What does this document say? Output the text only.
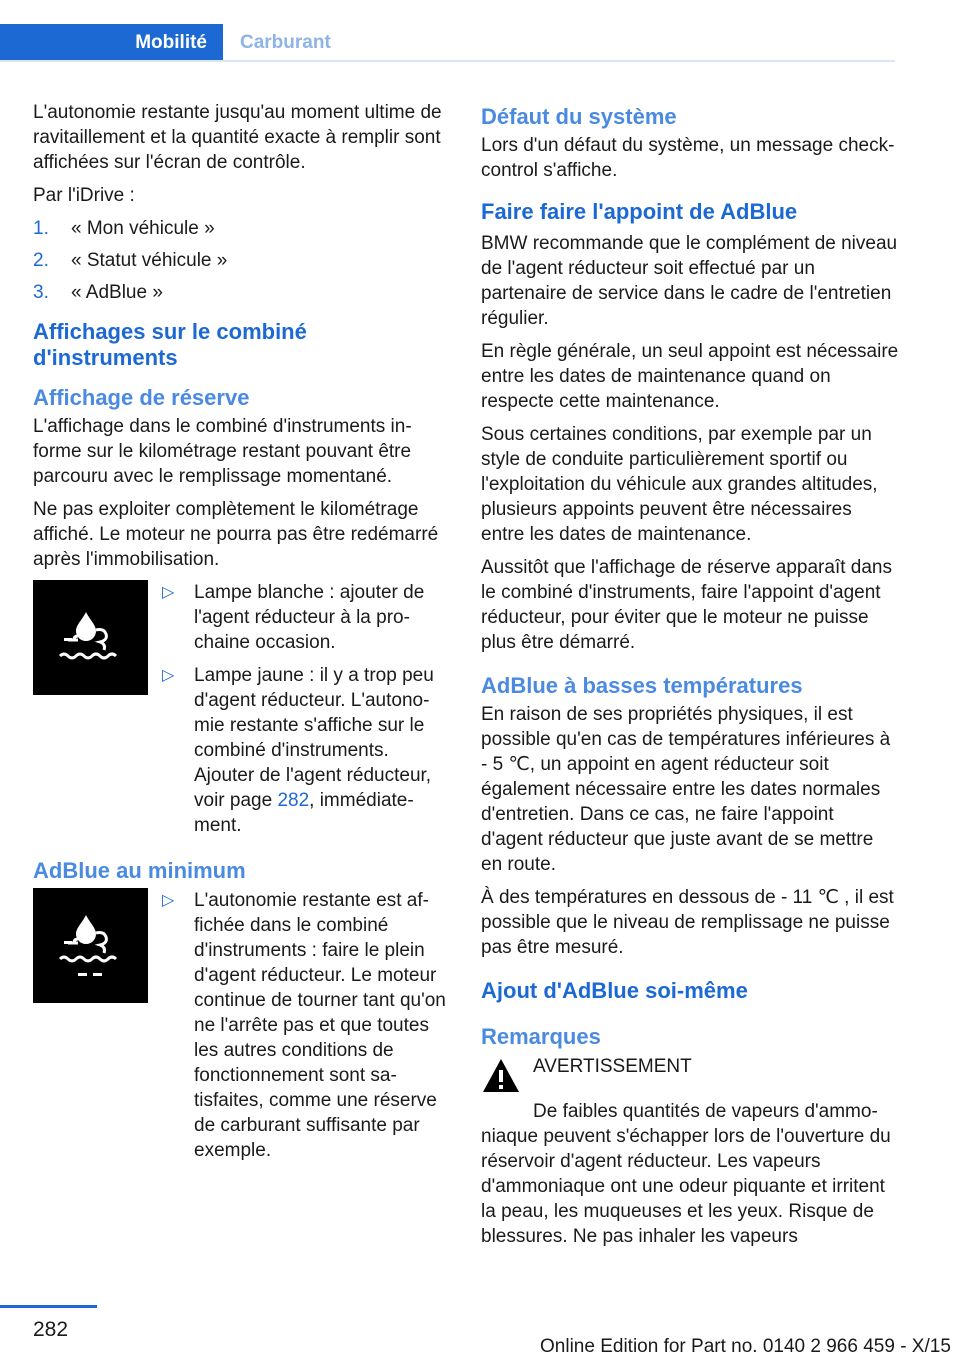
Mobilité	Carburant

L'autonomie restante jusqu'au moment ultime de ravitaillement et la quantité exacte à remplir sont affichées sur l'écran de contrôle.

Par l'iDrive :

1.	« Mon véhicule »
2.	« Statut véhicule »
3.	« AdBlue »
Affichages sur le combiné d'instruments
Affichage de réserve

L'affichage dans le combiné d'instruments informe sur le kilométrage restant pouvant être parcouru avec le remplissage momentané.

Ne pas exploiter complètement le kilométrage affiché. Le moteur ne pourra pas être redémarré après l'immobilisation.

▷	Lampe blanche : ajouter de l'agent réducteur à la prochaine occasion.
▷	Lampe jaune : il y a trop peu d'agent réducteur. L'autonomie restante s'affiche sur le combiné d'instruments. Ajouter de l'agent réducteur, voir page 282, immédiatement.
AdBlue au minimum
▷	L'autonomie restante est affichée dans le combiné d'instruments : faire le plein d'agent réducteur. Le moteur continue de tourner tant qu'on ne l'arrête pas et que toutes les autres conditions de fonctionnement sont satisfaites, comme une réserve de carburant suffisante par exemple.
Défaut du système

Lors d'un défaut du système, un message check-control s'affiche.

Faire faire l'appoint de AdBlue

BMW recommande que le complément de niveau de l'agent réducteur soit effectué par un partenaire de service dans le cadre de l'entretien régulier.

En règle générale, un seul appoint est nécessaire entre les dates de maintenance quand on respecte cette maintenance.

Sous certaines conditions, par exemple par un style de conduite particulièrement sportif ou l'exploitation du véhicule aux grandes altitudes, plusieurs appoints peuvent être nécessaires entre les dates de maintenance.

Aussitôt que l'affichage de réserve apparaît dans le combiné d'instruments, faire l'appoint d'agent réducteur, pour éviter que le moteur ne puisse plus être démarré.

AdBlue à basses températures

En raison de ses propriétés physiques, il est possible qu'en cas de températures inférieures à - 5 ℃, un appoint en agent réducteur soit également nécessaire entre les dates normales d'entretien. Dans ce cas, ne faire l'appoint d'agent réducteur que juste avant de se mettre en route.

À des températures en dessous de - 11 ℃ , il est possible que le niveau de remplissage ne puisse pas être mesuré.

Ajout d'AdBlue soi-même
Remarques
AVERTISSEMENT

De faibles quantités de vapeurs d'ammoniaque peuvent s'échapper lors de l'ouverture du réservoir d'agent réducteur. Les vapeurs d'ammoniaque ont une odeur piquante et irritent la peau, les muqueuses et les yeux. Risque de blessures. Ne pas inhaler les vapeurs

282
Online Edition for Part no. 0140 2 966 459 - X/15
